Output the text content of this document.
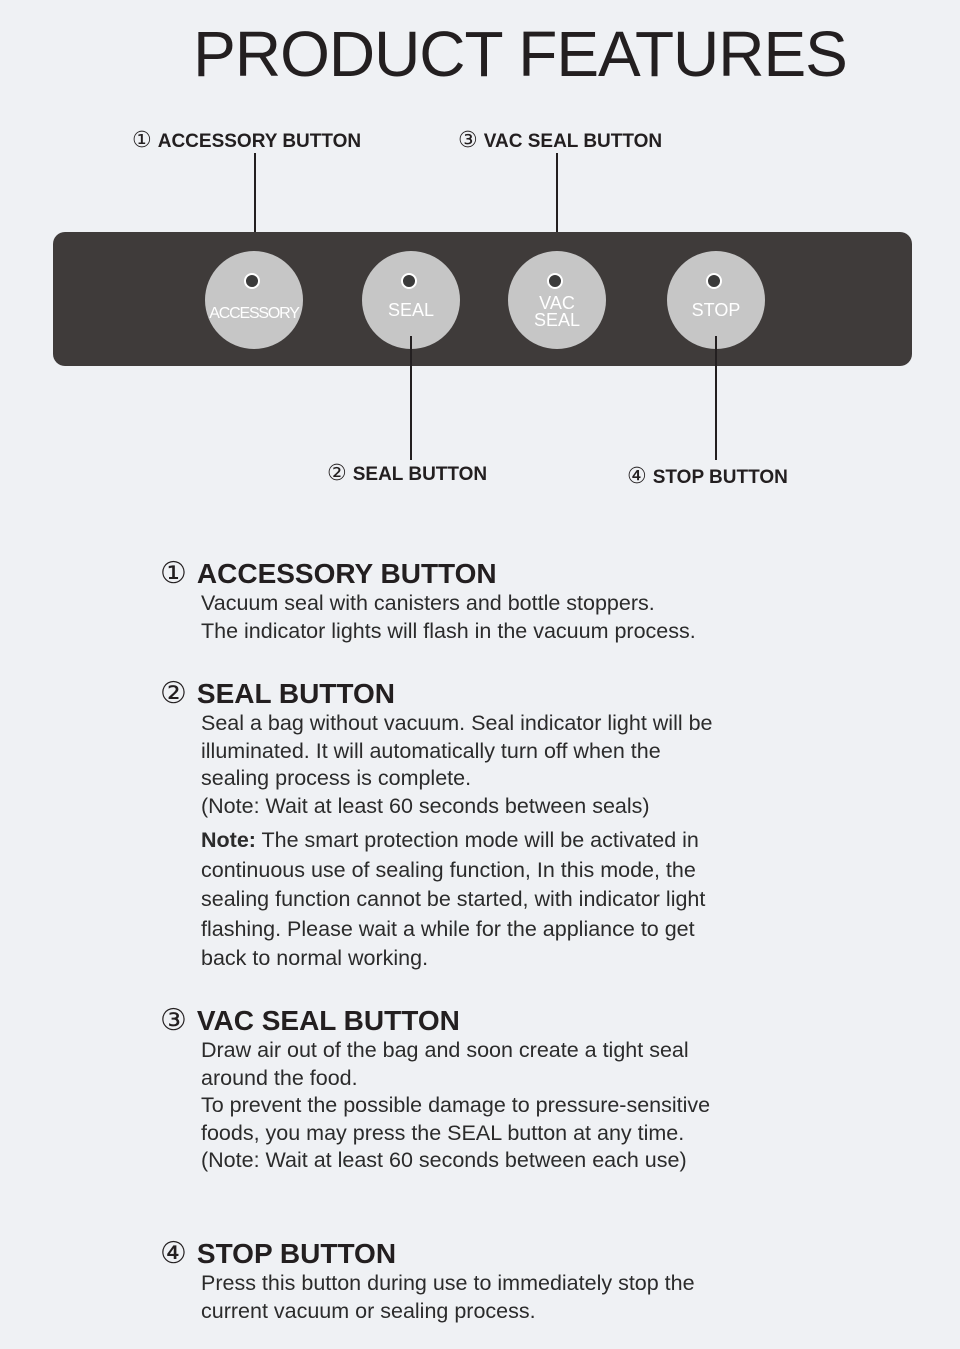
PRODUCT FEATURES
① ACCESSORY BUTTON	③ VAC SEAL BUTTON
ACCESSORY	SEAL	VAC
SEAL	STOP
② SEAL BUTTON	④ STOP BUTTON
① ACCESSORY BUTTON

Vacuum seal with canisters and bottle stoppers.
The indicator lights will flash in the vacuum process.

② SEAL BUTTON

Seal a bag without vacuum. Seal indicator light will be
illuminated. It will automatically turn off when the
sealing process is complete.
(Note: Wait at least 60 seconds between seals)

Note: The smart protection mode will be activated in
continuous use of sealing function, In this mode, the
sealing function cannot be started, with indicator light
flashing. Please wait a while for the appliance to get
back to normal working.

③ VAC SEAL BUTTON

Draw air out of the bag and soon create a tight seal
around the food.
To prevent the possible damage to pressure-sensitive
foods, you may press the SEAL button at any time.
(Note: Wait at least 60 seconds between each use)

④ STOP BUTTON

Press this button during use to immediately stop the
current vacuum or sealing process.
